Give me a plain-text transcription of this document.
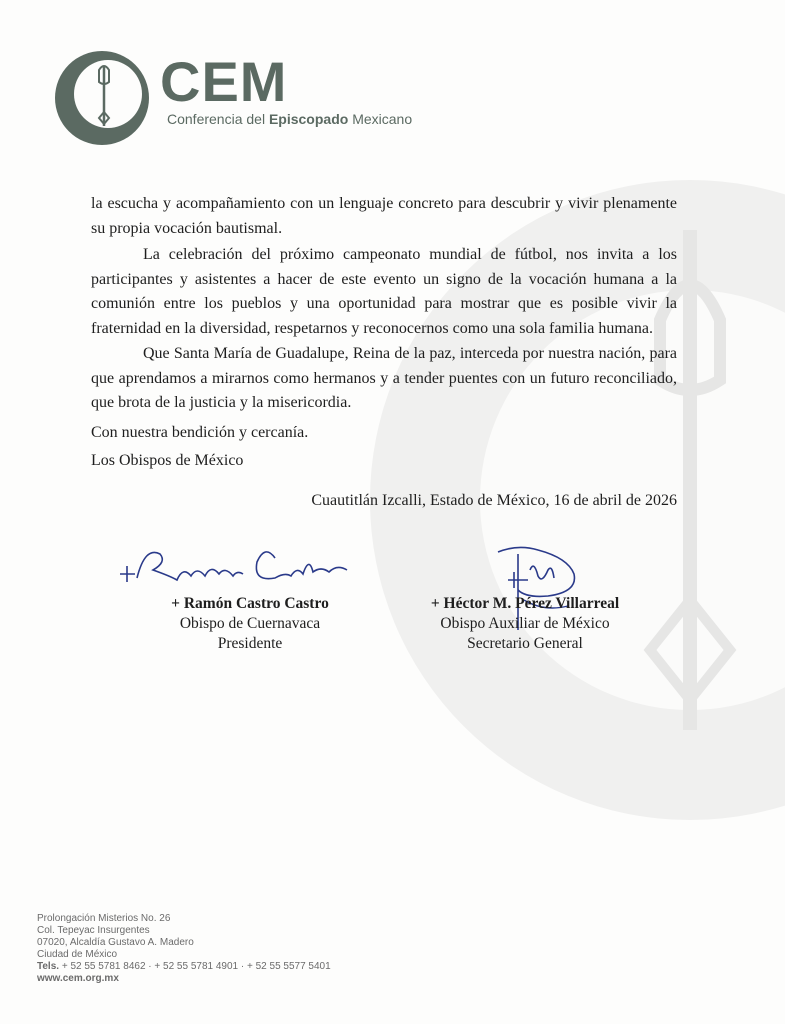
CEM
Conferencia del Episcopado Mexicano

la escucha y acompañamiento con un lenguaje concreto para descubrir y vivir plenamente su propia vocación bautismal.

La celebración del próximo campeonato mundial de fútbol, nos invita a los participantes y asistentes a hacer de este evento un signo de la vocación humana a la comunión entre los pueblos y una oportunidad para mostrar que es posible vivir la fraternidad en la diversidad, respetarnos y reconocernos como una sola familia humana.

Que Santa María de Guadalupe, Reina de la paz, interceda por nuestra nación, para que aprendamos a mirarnos como hermanos y a tender puentes con un futuro reconciliado, que brota de la justicia y la misericordia.

Con nuestra bendición y cercanía.

Los Obispos de México

Cuautitlán Izcalli, Estado de México, 16 de abril de 2026
+ Ramón Castro Castro
Obispo de Cuernavaca
Presidente
+ Héctor M. Pérez Villarreal
Obispo Auxiliar de México
Secretario General
Prolongación Misterios No. 26
Col. Tepeyac Insurgentes
07020, Alcaldía Gustavo A. Madero
Ciudad de México
Tels. + 52 55 5781 8462 · + 52 55 5781 4901 · + 52 55 5577 5401
www.cem.org.mx
